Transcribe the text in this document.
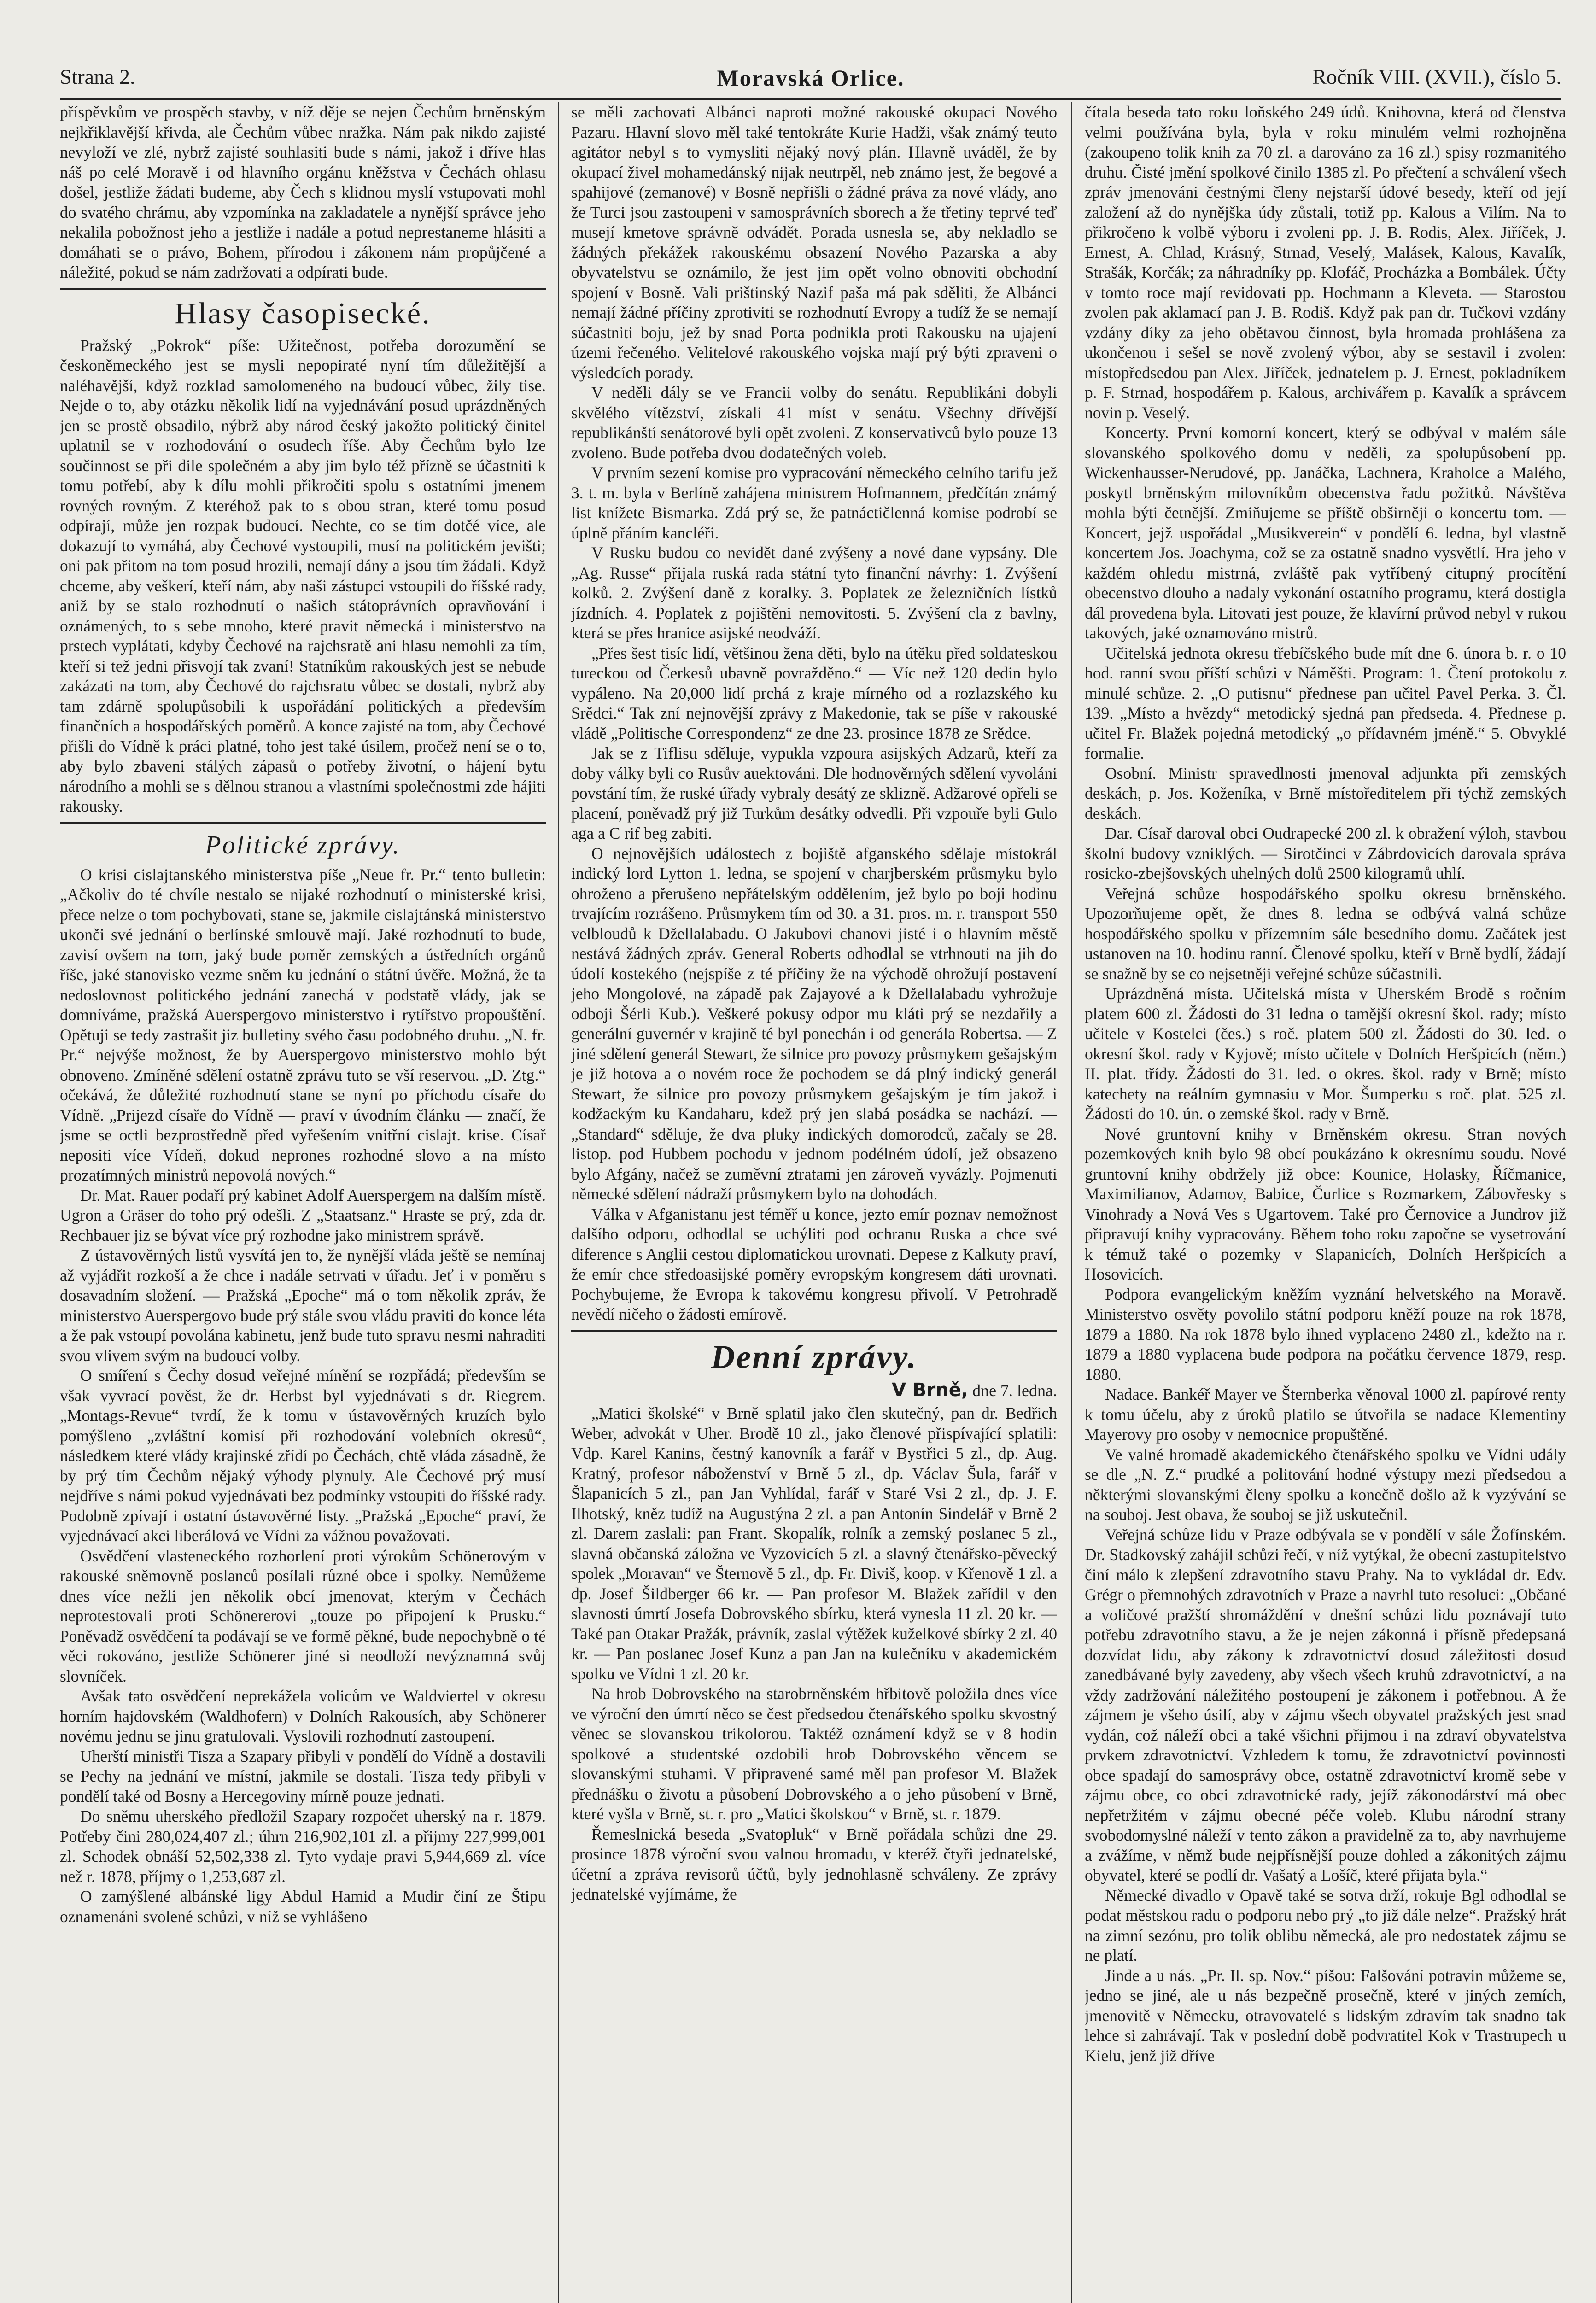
Strana 2.	Moravská Orlice.	Ročník VIII. (XVII.), číslo 5.

příspěvkům ve prospěch stavby, v níž děje se nejen Čechům brněnským nejkřiklavější křivda, ale Čechům vůbec nražka. Nám pak nikdo zajisté nevyloží ve zlé, nybrž zajisté souhlasiti bude s námi, jakož i dříve hlas náš po celé Moravě i od hlavního orgánu kněžstva v Čechách ohlasu došel, jestliže žádati budeme, aby Čech s klidnou myslí vstupovati mohl do svatého chrámu, aby vzpomínka na zakladatele a nynější správce jeho nekalila pobožnost jeho a jestliže i nadále a potud neprestaneme hlásiti a domáhati se o právo, Bohem, přírodou i zákonem nám propůjčené a náležité, pokud se nám zadržovati a odpírati bude.

Hlasy časopisecké.

Pražský „Pokrok“ píše: Užitečnost, potřeba dorozumění se českoněmeckého jest se mysli nepopiraté nyní tím důležitější a naléhavější, když rozklad samolomeného na budoucí vůbec, žily tise. Nejde o to, aby otázku několik lidí na vyjednávání posud uprázdněných jen se prostě obsadilo, nýbrž aby národ český jakožto politický činitel uplatnil se v rozhodování o osudech říše. Aby Čechům bylo lze součinnost se při dile společném a aby jim bylo též přízně se účastniti k tomu potřebí, aby k dílu mohli přikročiti spolu s ostatními jmenem rovných rovným. Z kteréhož pak to s obou stran, které tomu posud odpírají, může jen rozpak budoucí. Nechte, co se tím dotčé více, ale dokazují to vymáhá, aby Čechové vystoupili, musí na politickém jevišti; oni pak přitom na tom posud hrozili, nemají dány a jsou tím žádali. Když chceme, aby veškerí, kteří nám, aby naši zástupci vstoupili do říšské rady, aniž by se stalo rozhodnutí o našich státoprávních opravňování i oznámených, to s sebe mnoho, které pravit německá i ministerstvo na prstech vyplátati, kdyby Čechové na rajchsratě ani hlasu nemohli za tím, kteří si tež jedni přisvojí tak zvaní! Statníkům rakouských jest se nebude zakázati na tom, aby Čechové do rajchsratu vůbec se dostali, nybrž aby tam zdárně spolupůsobili k uspořádání politických a především finančních a hospodářských poměrů. A konce zajisté na tom, aby Čechové přišli do Vídně k práci platné, toho jest také úsilem, pročež není se o to, aby bylo zbaveni stálých zápasů o potřeby životní, o hájení bytu národního a mohli se s dělnou stranou a vlastními společnostmi zde hájiti rakousky.

Politické zprávy.

O krisi cislajtanského ministerstva píše „Neue fr. Pr.“ tento bulletin: „Ačkoliv do té chvíle nestalo se nijaké rozhodnutí o ministerské krisi, přece nelze o tom pochybovati, stane se, jakmile cislajtánská ministerstvo ukonči své jednání o berlínské smlouvě mají. Jaké rozhodnutí to bude, zavisí ovšem na tom, jaký bude poměr zemských a ústředních orgánů říše, jaké stanovisko vezme sněm ku jednání o státní úvěře. Možná, že ta nedoslovnost politického jednání zanechá v podstatě vlády, jak se domníváme, pražská Auerspergovo ministerstvo i rytířstvo propouštění. Opětuji se tedy zastrašit jiz bulletiny svého času podobného druhu. „N. fr. Pr.“ nejvýše možnost, že by Auerspergovo ministerstvo mohlo být obnoveno. Zmíněné sdělení ostatně zprávu tuto se vší reservou. „D. Ztg.“ očekává, že důležité rozhodnutí stane se nyní po příchodu císaře do Vídně. „Prijezd císaře do Vídně — praví v úvodním článku — značí, že jsme se octli bezprostředně před vyřešením vnitřní cislajt. krise. Císař nepositi více Vídeň, dokud neprones rozhodné slovo a na místo prozatímných ministrů nepovolá nových.“

Dr. Mat. Rauer podaří prý kabinet Adolf Auerspergem na dalším místě. Ugron a Gräser do toho prý odešli. Z „Staatsanz.“ Hraste se prý, zda dr. Rechbauer jiz se bývat více prý rozhodne jako ministrem správě.

Z ústavověrných listů vysvítá jen to, že nynější vláda ještě se nemínaj až vyjádřit rozkoší a že chce i nadále setrvati v úřadu. Jeť i v poměru s dosavadním složení. — Pražská „Epoche“ má o tom několik zpráv, že ministerstvo Auerspergovo bude prý stále svou vládu praviti do konce léta a že pak vstoupí povolána kabinetu, jenž bude tuto spravu nesmi nahraditi svou vlivem svým na budoucí volby.

O smíření s Čechy dosud veřejné mínění se rozpřádá; především se však vyvrací pověst, že dr. Herbst byl vyjednávati s dr. Riegrem. „Montags-Revue“ tvrdí, že k tomu v ústavověrných kruzích bylo pomýšleno „zvláštní komisí při rozhodování volebních okresů“, následkem které vlády krajinské zřídí po Čechách, chtě vláda zásadně, že by prý tím Čechům nějaký výhody plynuly. Ale Čechové prý musí nejdříve s námi pokud vyjednávati bez podmínky vstoupiti do říšské rady. Podobně zpívají i ostatní ústavověrné listy. „Pražská „Epoche“ praví, že vyjednávací akci liberálová ve Vídni za vážnou považovati.

Osvědčení vlasteneckého rozhorlení proti výrokům Schönerovým v rakouské sněmovně poslanců posílali různé obce i spolky. Nemůžeme dnes více nežli jen několik obcí jmenovat, kterým v Čechách neprotestovali proti Schönererovi „touze po připojení k Prusku.“ Poněvadž osvědčení ta podávají se ve formě pěkné, bude nepochybně o té věci rokováno, jestliže Schönerer jiné si neodloží nevýznamná svůj slovníček.

Avšak tato osvědčení neprekážela volicům ve Waldviertel v okresu horním hajdovském (Waldhofern) v Dolních Rakousích, aby Schönerer novému jednu se jinu gratulovali. Vyslovili rozhodnutí zastoupení.

Uherští ministři Tisza a Szapary přibyli v pondělí do Vídně a dostavili se Pechy na jednání ve místní, jakmile se dostali. Tisza tedy přibyli v pondělí také od Bosny a Hercegoviny mírně pouze jednati.

Do sněmu uherského předložil Szapary rozpočet uherský na r. 1879. Potřeby čini 280,024,407 zl.; úhrn 216,902,101 zl. a přijmy 227,999,001 zl. Schodek obnáší 52,502,338 zl. Tyto vydaje pravi 5,944,669 zl. více než r. 1878, příjmy o 1,253,687 zl.

O zamýšlené albánské ligy Abdul Hamid a Mudir činí ze Štipu oznamenáni svolené schůzi, v níž se vyhlášeno

se měli zachovati Albánci naproti možné rakouské okupaci Nového Pazaru. Hlavní slovo měl také tentokráte Kurie Hadži, však známý teuto agitátor nebyl s to vymysliti nějaký nový plán. Hlavně uváděl, že by okupací živel mohamedánský nijak neutrpěl, neb známo jest, že begové a spahijové (zemanové) v Bosně nepřišli o žádné práva za nové vlády, ano že Turci jsou zastoupeni v samosprávních sborech a že třetiny teprvé teď musejí kmetove správně odvádět. Porada usnesla se, aby nekladlo se žádných překážek rakouskému obsazení Nového Pazarska a aby obyvatelstvu se oznámilo, že jest jim opět volno obnoviti obchodní spojení v Bosně. Vali prištinský Nazif paša má pak sděliti, že Albánci nemají žádné příčiny zprotiviti se rozhodnutí Evropy a tudíž že se nemají súčastniti boju, jež by snad Porta podnikla proti Rakousku na ujajení územi řečeného. Velitelové rakouského vojska mají prý býti zpraveni o výsledcích porady.

V neděli dály se ve Francii volby do senátu. Republikáni dobyli skvělého vítězství, získali 41 míst v senátu. Všechny dřívější republikánští senátorové byli opět zvoleni. Z konservativců bylo pouze 13 zvoleno. Bude potřeba dvou dodatečných voleb.

V prvním sezení komise pro vypracování německého celního tarifu jež 3. t. m. byla v Berlíně zahájena ministrem Hofmannem, předčítán známý list knížete Bismarka. Zdá prý se, že patnáctičlenná komise podrobí se úplně přáním kancléři.

V Rusku budou co nevidět dané zvýšeny a nové dane vypsány. Dle „Ag. Russe“ přijala ruská rada státní tyto finanční návrhy: 1. Zvýšení kolků. 2. Zvýšení daně z koralky. 3. Poplatek ze železničních lístků jízdních. 4. Poplatek z pojištěni nemovitosti. 5. Zvýšení cla z bavlny, která se přes hranice asijské neodváží.

„Přes šest tisíc lidí, většinou žena děti, bylo na útěku před soldateskou tureckou od Čerkesů ubavně povražděno.“ — Víc než 120 dedin bylo vypáleno. Na 20,000 lidí prchá z kraje mírného od a rozlazského ku Srědci.“ Tak zní nejnovější zprávy z Makedonie, tak se píše v rakouské vládě „Politische Correspondenz“ ze dne 23. prosince 1878 ze Srědce.

Jak se z Tiflisu sděluje, vypukla vzpoura asijských Adzarů, kteří za doby války byli co Rusův auektováni. Dle hodnověrných sdělení vyvoláni povstání tím, že ruské úřady vybraly desátý ze sklizně. Adžarové opřeli se placení, poněvadž prý již Turkům desátky odvedli. Při vzpouře byli Gulo aga a C rif beg zabiti.

O nejnovějších událostech z bojiště afganského sdělaje místokrál indický lord Lytton 1. ledna, se spojení v charjberském průsmyku bylo ohroženo a přerušeno nepřátelským oddělením, jež bylo po boji hodinu trvajícím rozrášeno. Průsmykem tím od 30. a 31. pros. m. r. transport 550 velbloudů k Džellalabadu. O Jakubovi chanovi jisté i o hlavním městě nestává žádných zpráv. General Roberts odhodlal se vtrhnouti na jih do údolí kostekého (nejspíše z té příčiny že na východě ohrožují postavení jeho Mongolové, na západě pak Zajayové a k Džellalabadu vyhrožuje odboji Šérli Kub.). Veškeré pokusy odpor mu kláti prý se nezdařily a generální guvernér v krajině té byl ponechán i od generála Robertsa. — Z jiné sdělení generál Stewart, že silnice pro povozy průsmykem gešajským je již hotova a o novém roce že pochodem se dá plný indický generál Stewart, že silnice pro povozy průsmykem gešajským je tím jakož i kodžackým ku Kandaharu, kdež prý jen slabá posádka se nachází. — „Standard“ sděluje, že dva pluky indických domorodců, začaly se 28. listop. pod Hubbem pochodu v jednom podélném údolí, jež obsazeno bylo Afgány, načež se zuměvní ztratami jen zároveň vyvázly. Pojmenuti německé sdělení nádraží průsmykem bylo na dohodách.

Válka v Afganistanu jest téměř u konce, jezto emír poznav nemožnost dalšího odporu, odhodlal se uchýliti pod ochranu Ruska a chce své diference s Anglii cestou diplomatickou urovnati. Depese z Kalkuty praví, že emír chce středoasijské poměry evropským kongresem dáti urovnati. Pochybujeme, že Evropa k takovému kongresu přivolí. V Petrohradě nevědí ničeho o žádosti emírově.

Denní zprávy.
V Brně, dne 7. ledna.

„Matici školské“ v Brně splatil jako člen skutečný, pan dr. Bedřich Weber, advokát v Uher. Brodě 10 zl., jako členové přispívající splatili: Vdp. Karel Kanins, čestný kanovník a farář v Bystřici 5 zl., dp. Aug. Kratný, profesor náboženství v Brně 5 zl., dp. Václav Šula, farář v Šlapanicích 5 zl., pan Jan Vyhlídal, farář v Staré Vsi 2 zl., dp. J. F. Ilhotský, kněz tudíž na Augustýna 2 zl. a pan Antonín Sindelář v Brně 2 zl. Darem zaslali: pan Frant. Skopalík, rolník a zemský poslanec 5 zl., slavná občanská záložna ve Vyzovicích 5 zl. a slavný čtenářsko-pěvecký spolek „Moravan“ ve Šternově 5 zl., dp. Fr. Diviš, koop. v Křenově 1 zl. a dp. Josef Šildberger 66 kr. — Pan profesor M. Blažek zařídil v den slavnosti úmrtí Josefa Dobrovského sbírku, která vynesla 11 zl. 20 kr. — Také pan Otakar Pražák, právník, zaslal výtěžek kuželkové sbírky 2 zl. 40 kr. — Pan poslanec Josef Kunz a pan Jan na kulečníku v akademickém spolku ve Vídni 1 zl. 20 kr.

Na hrob Dobrovského na starobrněnském hřbitově položila dnes více ve výroční den úmrtí něco se čest předsedou čtenářského spolku skvostný věnec se slovanskou trikolorou. Taktéž oznámení když se v 8 hodin spolkové a studentské ozdobili hrob Dobrovského věncem se slovanskými stuhami. V připravené samé měl pan profesor M. Blažek přednášku o životu a působení Dobrovského a o jeho působení v Brně, které vyšla v Brně, st. r. pro „Matici školskou“ v Brně, st. r. 1879.

Řemeslnická beseda „Svatopluk“ v Brně pořádala schůzi dne 29. prosince 1878 výroční svou valnou hromadu, v kteréž čtyři jednatelské, účetní a zpráva revisorů účtů, byly jednohlasně schváleny. Ze zprávy jednatelské vyjímáme, že

čítala beseda tato roku loňského 249 údů. Knihovna, která od členstva velmi používána byla, byla v roku minulém velmi rozhojněna (zakoupeno tolik knih za 70 zl. a darováno za 16 zl.) spisy rozmanitého druhu. Čisté jmění spolkové činilo 1385 zl. Po přečtení a schválení všech zpráv jmenováni čestnými členy nejstarší údové besedy, kteří od její založení až do nynějška údy zůstali, totiž pp. Kalous a Vilím. Na to přikročeno k volbě výboru i zvoleni pp. J. B. Rodis, Alex. Jiříček, J. Ernest, A. Chlad, Krásný, Strnad, Veselý, Malásek, Kalous, Kavalík, Strašák, Korčák; za náhradníky pp. Klofáč, Procházka a Bombálek. Účty v tomto roce mají revidovati pp. Hochmann a Kleveta. — Starostou zvolen pak aklamací pan J. B. Rodiš. Když pak pan dr. Tučkovi vzdány vzdány díky za jeho obětavou činnost, byla hromada prohlášena za ukončenou i sešel se nově zvolený výbor, aby se sestavil i zvolen: místopředsedou pan Alex. Jiříček, jednatelem p. J. Ernest, pokladníkem p. F. Strnad, hospodářem p. Kalous, archivářem p. Kavalík a správcem novin p. Veselý.

Koncerty. První komorní koncert, který se odbýval v malém sále slovanského spolkového domu v neděli, za spolupůsobení pp. Wickenhausser-Nerudové, pp. Janáčka, Lachnera, Kraholce a Malého, poskytl brněnským milovníkům obecenstva řadu požitků. Návštěva mohla býti četnější. Zmiňujeme se příště obširněji o koncertu tom. — Koncert, jejž uspořádal „Musikverein“ v pondělí 6. ledna, byl vlastně koncertem Jos. Joachyma, což se za ostatně snadno vysvětlí. Hra jeho v každém ohledu mistrná, zvláště pak vytříbený citupný procítění obecenstvo dlouho a nadaly vykonání ostatního programu, která dostigla dál provedena byla. Litovati jest pouze, že klavírní průvod nebyl v rukou takových, jaké oznamováno mistrů.

Učitelská jednota okresu třebíčského bude mít dne 6. února b. r. o 10 hod. ranní svou příští schůzi v Náměšti. Program: 1. Čtení protokolu z minulé schůze. 2. „O putisnu“ přednese pan učitel Pavel Perka. 3. Čl. 139. „Místo a hvězdy“ metodický sjedná pan předseda. 4. Přednese p. učitel Fr. Blažek pojedná metodický „o přídavném jméně.“ 5. Obvyklé formalie.

Osobní. Ministr spravedlnosti jmenoval adjunkta při zemských deskách, p. Jos. Koženíka, v Brně místoředitelem při týchž zemských deskách.

Dar. Císař daroval obci Oudrapecké 200 zl. k obražení výloh, stavbou školní budovy vzniklých. — Sirotčinci v Zábrdovicích darovala správa rosicko-zbejšovských uhelných dolů 2500 kilogramů uhlí.

Veřejná schůze hospodářského spolku okresu brněnského. Upozorňujeme opět, že dnes 8. ledna se odbývá valná schůze hospodářského spolku v přízemním sále besedního domu. Začátek jest ustanoven na 10. hodinu ranní. Členové spolku, kteří v Brně bydlí, žádají se snažně by se co nejsetněji veřejné schůze súčastnili.

Uprázdněná místa. Učitelská místa v Uherském Brodě s ročním platem 600 zl. Žádosti do 31 ledna o tamější okresní škol. rady; místo učitele v Kostelci (čes.) s roč. platem 500 zl. Žádosti do 30. led. o okresní škol. rady v Kyjově; místo učitele v Dolních Heršpicích (něm.) II. plat. třídy. Žádosti do 31. led. o okres. škol. rady v Brně; místo katechety na reálním gymnasiu v Mor. Šumperku s roč. plat. 525 zl. Žádosti do 10. ún. o zemské škol. rady v Brně.

Nové gruntovní knihy v Brněnském okresu. Stran nových pozemkových knih bylo 98 obcí poukázáno k okresnímu soudu. Nové gruntovní knihy obdržely již obce: Kounice, Holasky, Říčmanice, Maximilianov, Adamov, Babice, Čurlice s Rozmarkem, Zábovřesky s Vinohrady a Nová Ves s Ugartovem. Také pro Černovice a Jundrov již připravují knihy vypracovány. Během toho roku započne se vysetrování k témuž také o pozemky v Slapanicích, Dolních Heršpicích a Hosovicích.

Podpora evangelickým kněžím vyznání helvetského na Moravě. Ministerstvo osvěty povolilo státní podporu kněží pouze na rok 1878, 1879 a 1880. Na rok 1878 bylo ihned vyplaceno 2480 zl., kdežto na r. 1879 a 1880 vyplacena bude podpora na počátku července 1879, resp. 1880.

Nadace. Bankéř Mayer ve Šternberka věnoval 1000 zl. papírové renty k tomu účelu, aby z úroků platilo se útvořila se nadace Klementiny Mayerovy pro osoby v nemocnice propuštěné.

Ve valné hromadě akademického čtenářského spolku ve Vídni udály se dle „N. Z.“ prudké a politování hodné výstupy mezi předsedou a některými slovanskými členy spolku a konečně došlo až k vyzývání se na souboj. Jest obava, že souboj se již uskutečnil.

Veřejná schůze lidu v Praze odbývala se v pondělí v sále Žofínském. Dr. Stadkovský zahájil schůzi řečí, v níž vytýkal, že obecní zastupitelstvo činí málo k zlepšení zdravotního stavu Prahy. Na to vykládal dr. Edv. Grégr o přemnohých zdravotních v Praze a navrhl tuto resoluci: „Občané a voličové pražští shromáždění v dnešní schůzi lidu poznávají tuto potřebu zdravotního stavu, a že je nejen zákonná i přísně předepsaná dozvídat lidu, aby zákony k zdravotnictví dosud záležitosti dosud zanedbávané byly zavedeny, aby všech všech kruhů zdravotnictví, a na vždy zadržování náležitého postoupení je zákonem i potřebnou. A že zájmem je všeho úsilí, aby v zájmu všech obyvatel pražských jest snad vydán, což náleží obci a také všichni přijmou i na zdraví obyvatelstva prvkem zdravotnictví. Vzhledem k tomu, že zdravotnictví povinnosti obce spadají do samosprávy obce, ostatně zdravotnictví kromě sebe v zájmu obce, co obci zdravotnické rady, jejíž zákonodárství má obec nepřetržitém v zájmu obecné péče voleb. Klubu národní strany svobodomyslné náleží v tento zákon a pravidelně za to, aby navrhujeme a zvážíme, v němž bude nejpřísnější pouze dohled a zákonitých zájmu obyvatel, které se podlí dr. Vašatý a Lošíč, které přijata byla.“

Německé divadlo v Opavě také se sotva drží, rokuje Bgl odhodlal se podat městskou radu o podporu nebo prý „to již dále nelze“. Pražský hrát na zimní sezónu, pro tolik oblibu německá, ale pro nedostatek zájmu se ne platí.

Jinde a u nás. „Pr. Il. sp. Nov.“ píšou: Falšování potravin můžeme se, jedno se jiné, ale u nás bezpečně prosečně, které v jiných zemích, jmenovitě v Německu, otravovatelé s lidským zdravím tak snadno tak lehce si zahrávají. Tak v poslední době podvratitel Kok v Trastrupech u Kielu, jenž již dříve
